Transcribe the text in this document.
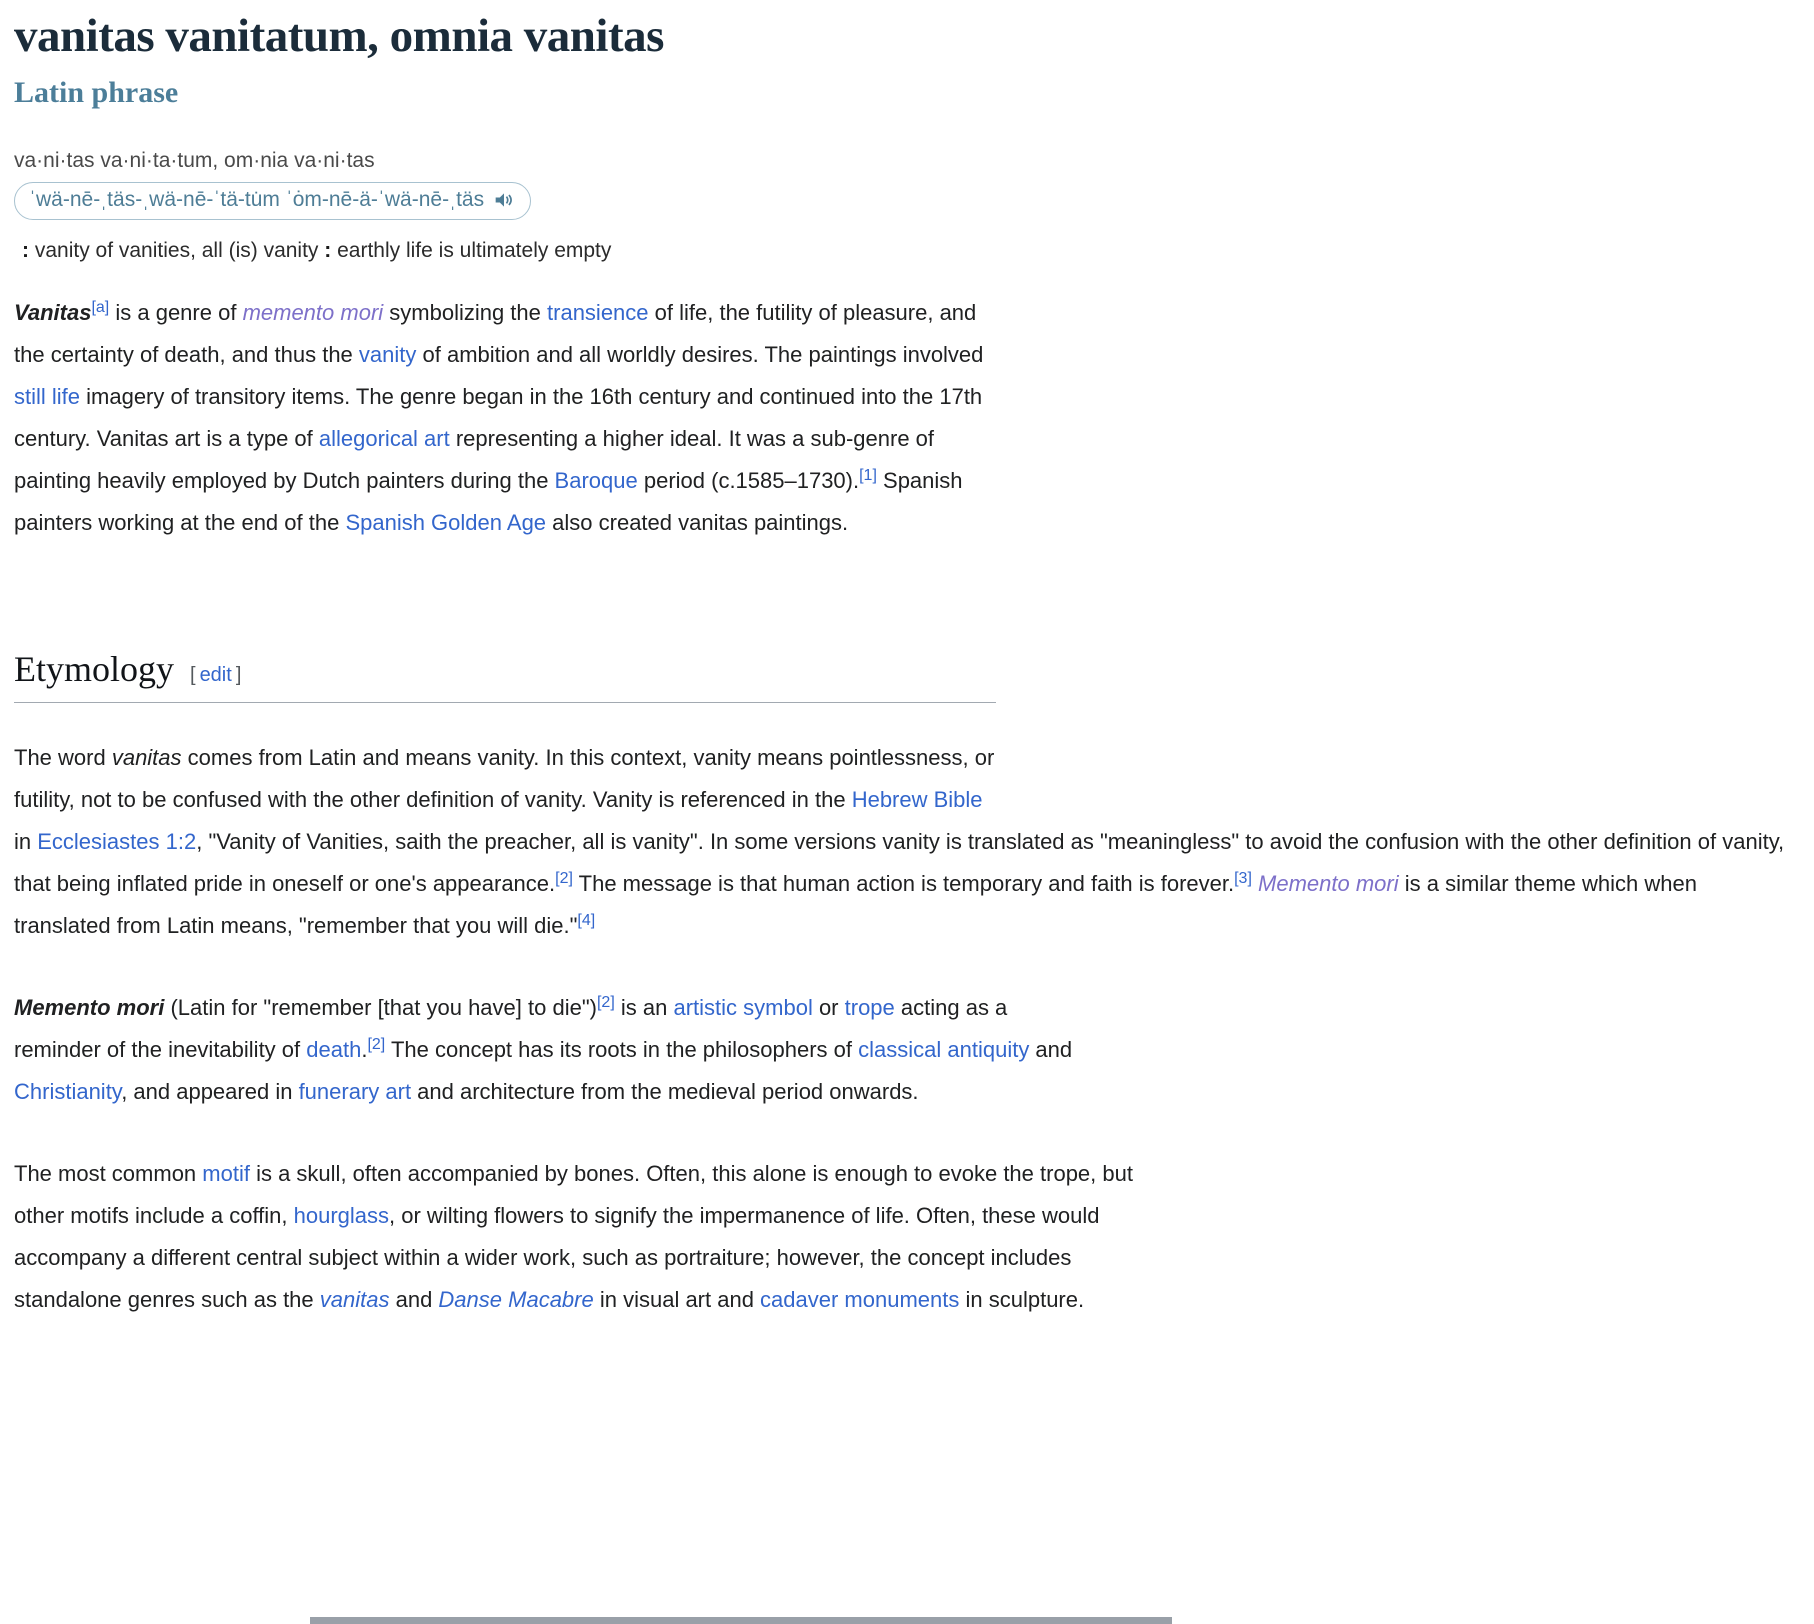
vanitas vanitatum, omnia vanitas
Latin phrase
va·ni·tas va·ni·ta·tum, om·nia va·ni·tas
ˈwä-nē-ˌtäs-ˌwä-nē-ˈtä-tu̇m ˈȯm-nē-ä-ˈwä-nē-ˌtäs
: vanity of vanities, all (is) vanity : earthly life is ultimately empty

Vanitas[a] is a genre of memento mori symbolizing the transience of life, the futility of pleasure, and the certainty of death, and thus the vanity of ambition and all worldly desires. The paintings involved still life imagery of transitory items. The genre began in the 16th century and continued into the 17th century. Vanitas art is a type of allegorical art representing a higher ideal. It was a sub-genre of painting heavily employed by Dutch painters during the Baroque period (c.1585–1730).[1] Spanish painters working at the end of the Spanish Golden Age also created vanitas paintings.

Etymology [ edit ]

The word vanitas comes from Latin and means vanity. In this context, vanity means pointlessness, or futility, not to be confused with the other definition of vanity. Vanity is referenced in the Hebrew Bible in Ecclesiastes 1:2, "Vanity of Vanities, saith the preacher, all is vanity". In some versions vanity is translated as "meaningless" to avoid the confusion with the other definition of vanity, that being inflated pride in oneself or one's appearance.[2] The message is that human action is temporary and faith is forever.[3] Memento mori is a similar theme which when translated from Latin means, "remember that you will die."[4]

Memento mori (Latin for "remember [that you have] to die")[2] is an artistic symbol or trope acting as a reminder of the inevitability of death.[2] The concept has its roots in the philosophers of classical antiquity and Christianity, and appeared in funerary art and architecture from the medieval period onwards.

The most common motif is a skull, often accompanied by bones. Often, this alone is enough to evoke the trope, but other motifs include a coffin, hourglass, or wilting flowers to signify the impermanence of life. Often, these would accompany a different central subject within a wider work, such as portraiture; however, the concept includes standalone genres such as the vanitas and Danse Macabre in visual art and cadaver monuments in sculpture.
